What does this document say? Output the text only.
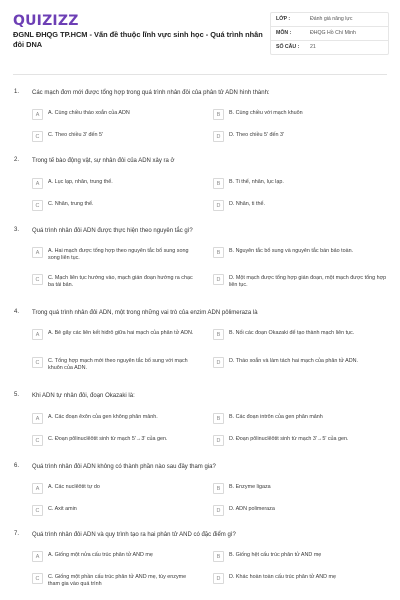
QUIZIZZ
ĐGNL ĐHQG TP.HCM - Vấn đề thuộc lĩnh vực sinh học - Quá trình nhân đôi DNA
LỚP :	Đánh giá năng lực
MÔN :	ĐHQG Hồ Chí Minh
SỐ CÂU :	21
1. Các mạch đơn mới được tổng hợp trong quá trình nhân đôi của phân tử ADN hình thành:
A	A. Cùng chiều tháo xoắn của ADN	B	B. Cùng chiều với mạch khuôn
C	C. Theo chiều 3' đến 5'	D	D. Theo chiều 5' đến 3'
2. Trong tế bào động vật, sự nhân đôi của ADN xảy ra ở
A	A. Lục lạp, nhân, trung thể.	B	B. Ti thể, nhân, lục lạp.
C	C. Nhân, trung thể.	D	D. Nhân, ti thể.
3. Quá trình nhân đôi ADN được thực hiện theo nguyên tắc gì?
A	A. Hai mạch được tổng hợp theo nguyên tắc bổ sung song song liên tục.
B	B. Nguyên tắc bổ sung và nguyên tắc bán bảo toàn.
C	C. Mạch liên tục hướng vào, mạch gián đoạn hướng ra chạc ba tái bản.
D	D. Một mạch được tổng hợp gián đoạn, một mạch được tổng hợp liên tục.
4. Trong quá trình nhân đôi ADN, một trong những vai trò của enzim ADN pôlimeraza là
A	A. Bẻ gãy các liên kết hiđrô giữa hai mạch của phân tử ADN.	B	B. Nối các đoạn Okazaki để tạo thành mạch liên tục.
C	C. Tổng hợp mạch mới theo nguyên tắc bổ sung với mạch khuôn của ADN.
D	D. Tháo xoắn và làm tách hai mạch của phân tử ADN.
5. Khi ADN tự nhân đôi, đoạn Okazaki là:
A	A. Các đoạn êxôn của gen không phân mảnh.	B	B. Các đoạn intrôn của gen phân mảnh
C	C. Đoạn pôlinuclêôtit sinh từ mạch 5'→3' của gen.	D	D. Đoạn pôlinuclêôtit sinh từ mạch 3'→5' của gen.
6. Quá trình nhân đôi ADN không có thành phần nào sau đây tham gia?
A	A. Các nuclêôtit tự do	B	B. Enzyme ligaza
C	C. Axit amin	D	D. ADN polimeraza
7. Quá trình nhân đôi ADN và quy trình tạo ra hai phân tử AND có đặc điểm gì?
A	A. Giống một nửa cấu trúc phân tử AND mẹ	B	B. Giống hệt cấu trúc phân tử AND mẹ
C	C. Giống một phần cấu trúc phân tử AND mẹ, tùy enzyme tham gia vào quá trình
D	D. Khác hoàn toàn cấu trúc phân tử AND mẹ
